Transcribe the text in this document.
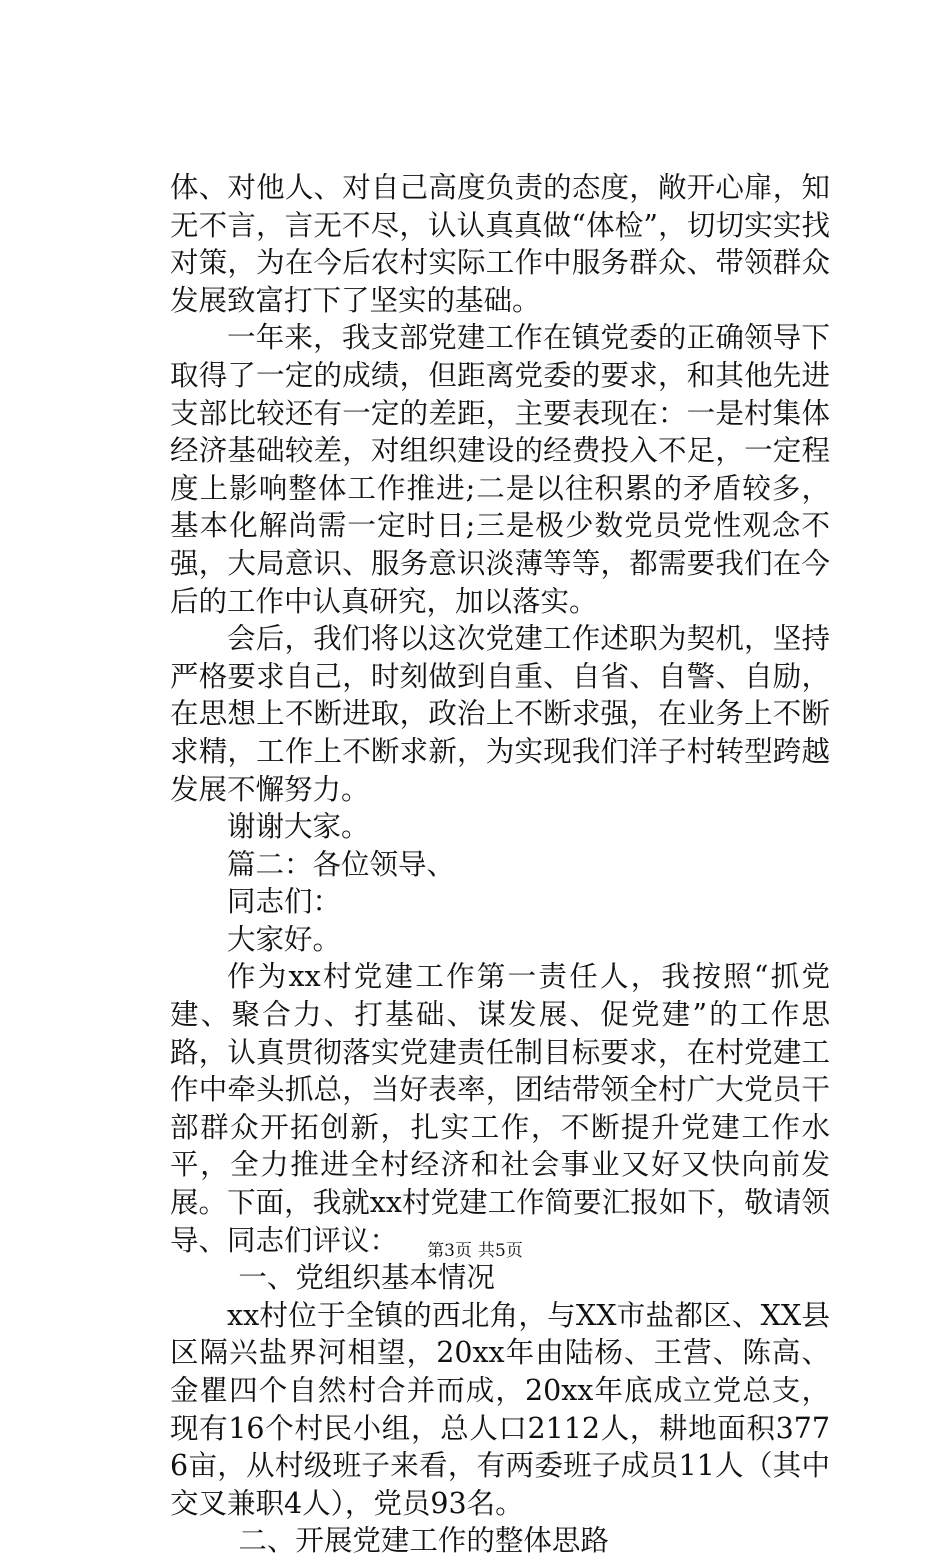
体、对他人、对自己高度负责的态度，敞开心扉，知无不言，言无不尽，认认真真做“体检”，切切实实找对策，为在今后农村实际工作中服务群众、带领群众发展致富打下了坚实的基础。

一年来，我支部党建工作在镇党委的正确领导下取得了一定的成绩，但距离党委的要求，和其他先进支部比较还有一定的差距，主要表现在：一是村集体经济基础较差，对组织建设的经费投入不足，一定程度上影响整体工作推进;二是以往积累的矛盾较多，基本化解尚需一定时日;三是极少数党员党性观念不强，大局意识、服务意识淡薄等等，都需要我们在今后的工作中认真研究，加以落实。

会后，我们将以这次党建工作述职为契机，坚持严格要求自己，时刻做到自重、自省、自警、自励，在思想上不断进取，政治上不断求强，在业务上不断求精，工作上不断求新，为实现我们洋子村转型跨越发展不懈努力。

谢谢大家。

篇二：各位领导、

同志们：

大家好。

作为xx村党建工作第一责任人，我按照“抓党建、聚合力、打基础、谋发展、促党建”的工作思路，认真贯彻落实党建责任制目标要求，在村党建工作中牵头抓总，当好表率，团结带领全村广大党员干部群众开拓创新，扎实工作，不断提升党建工作水平，全力推进全村经济和社会事业又好又快向前发展。下面，我就xx村党建工作简要汇报如下，敬请领导、同志们评议：

一、党组织基本情况

xx村位于全镇的西北角，与XX市盐都区、XX县区隔兴盐界河相望，20xx年由陆杨、王营、陈高、金瞿四个自然村合并而成，20xx年底成立党总支，现有16个村民小组，总人口2112人，耕地面积3776亩，从村级班子来看，有两委班子成员11人（其中交叉兼职4人），党员93名。

二、开展党建工作的整体思路

第3页 共5页
